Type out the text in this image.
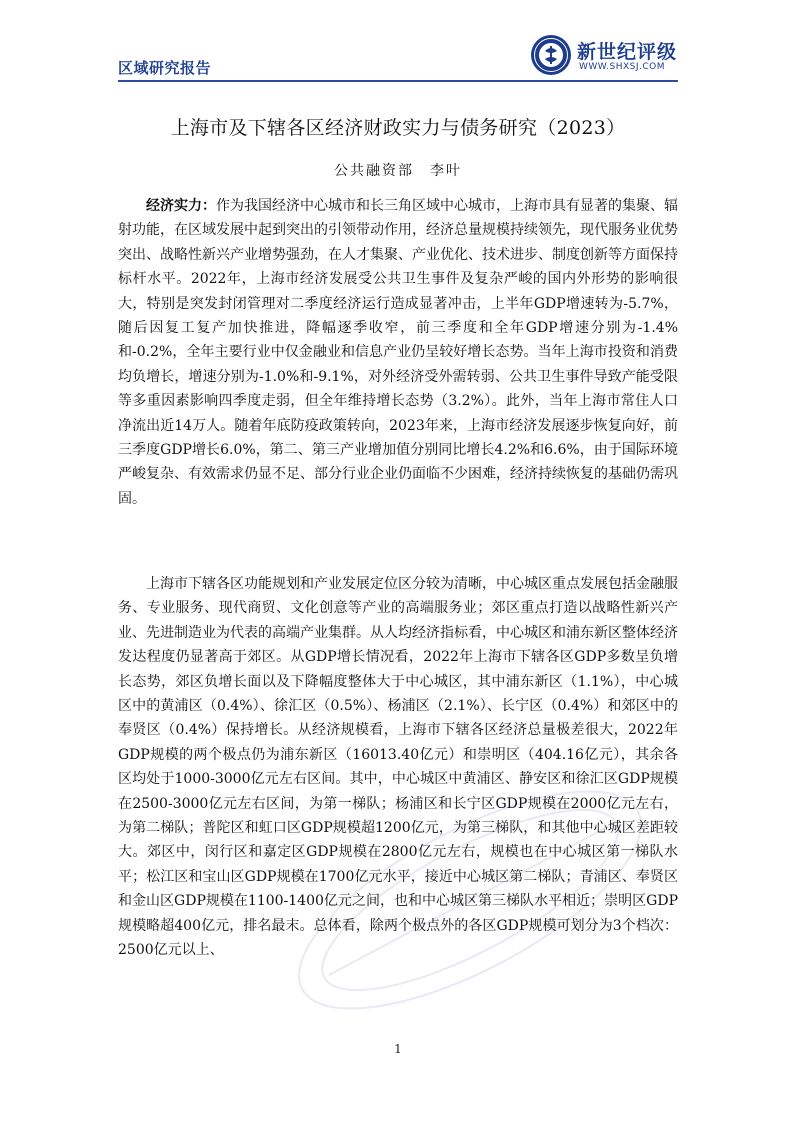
区域研究报告
新世纪评级
WWW.SHXSJ.COM
上海市及下辖各区经济财政实力与债务研究（2023）
公共融资部　李叶

经济实力：作为我国经济中心城市和长三角区域中心城市，上海市具有显著的集聚、辐射功能，在区域发展中起到突出的引领带动作用，经济总量规模持续领先，现代服务业优势突出、战略性新兴产业增势强劲，在人才集聚、产业优化、技术进步、制度创新等方面保持标杆水平。2022年，上海市经济发展受公共卫生事件及复杂严峻的国内外形势的影响很大，特别是突发封闭管理对二季度经济运行造成显著冲击，上半年GDP增速转为-5.7%，随后因复工复产加快推进，降幅逐季收窄，前三季度和全年GDP增速分别为-1.4%和-0.2%，全年主要行业中仅金融业和信息产业仍呈较好增长态势。当年上海市投资和消费均负增长，增速分别为-1.0%和-9.1%，对外经济受外需转弱、公共卫生事件导致产能受限等多重因素影响四季度走弱，但全年维持增长态势（3.2%）。此外，当年上海市常住人口净流出近14万人。随着年底防疫政策转向，2023年来，上海市经济发展逐步恢复向好，前三季度GDP增长6.0%，第二、第三产业增加值分别同比增长4.2%和6.6%，由于国际环境严峻复杂、有效需求仍显不足、部分行业企业仍面临不少困难，经济持续恢复的基础仍需巩固。

上海市下辖各区功能规划和产业发展定位区分较为清晰，中心城区重点发展包括金融服务、专业服务、现代商贸、文化创意等产业的高端服务业；郊区重点打造以战略性新兴产业、先进制造业为代表的高端产业集群。从人均经济指标看，中心城区和浦东新区整体经济发达程度仍显著高于郊区。从GDP增长情况看，2022年上海市下辖各区GDP多数呈负增长态势，郊区负增长面以及下降幅度整体大于中心城区，其中浦东新区（1.1%），中心城区中的黄浦区（0.4%）、徐汇区（0.5%）、杨浦区（2.1%）、长宁区（0.4%）和郊区中的奉贤区（0.4%）保持增长。从经济规模看，上海市下辖各区经济总量极差很大，2022年GDP规模的两个极点仍为浦东新区（16013.40亿元）和崇明区（404.16亿元），其余各区均处于1000-3000亿元左右区间。其中，中心城区中黄浦区、静安区和徐汇区GDP规模在2500-3000亿元左右区间，为第一梯队；杨浦区和长宁区GDP规模在2000亿元左右，为第二梯队；普陀区和虹口区GDP规模超1200亿元，为第三梯队，和其他中心城区差距较大。郊区中，闵行区和嘉定区GDP规模在2800亿元左右，规模也在中心城区第一梯队水平；松江区和宝山区GDP规模在1700亿元水平，接近中心城区第二梯队；青浦区、奉贤区和金山区GDP规模在1100-1400亿元之间，也和中心城区第三梯队水平相近；崇明区GDP规模略超400亿元，排名最末。总体看，除两个极点外的各区GDP规模可划分为3个档次：2500亿元以上、

1
